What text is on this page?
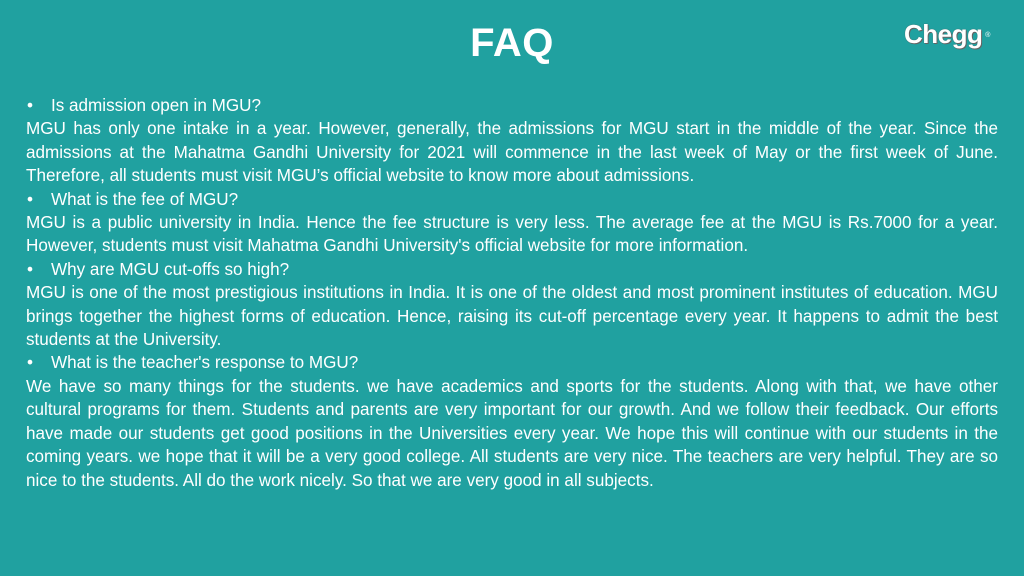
FAQ	Chegg ®

• Is admission open in MGU?

MGU has only one intake in a year. However, generally, the admissions for MGU start in the middle of the year. Since the admissions at the Mahatma Gandhi University for 2021 will commence in the last week of May or the first week of June. Therefore, all students must visit MGU’s official website to know more about admissions.

• What is the fee of MGU?

MGU is a public university in India. Hence the fee structure is very less. The average fee at the MGU is Rs.7000 for a year. However, students must visit Mahatma Gandhi University's official website for more information.

• Why are MGU cut-offs so high?

MGU is one of the most prestigious institutions in India. It is one of the oldest and most prominent institutes of education. MGU brings together the highest forms of education. Hence, raising its cut-off percentage every year. It happens to admit the best students at the University.

• What is the teacher's response to MGU?

We have so many things for the students. we have academics and sports for the students. Along with that, we have other cultural programs for them. Students and parents are very important for our growth. And we follow their feedback. Our efforts have made our students get good positions in the Universities every year. We hope this will continue with our students in the coming years. we hope that it will be a very good college. All students are very nice. The teachers are very helpful. They are so nice to the students. All do the work nicely. So that we are very good in all subjects.
